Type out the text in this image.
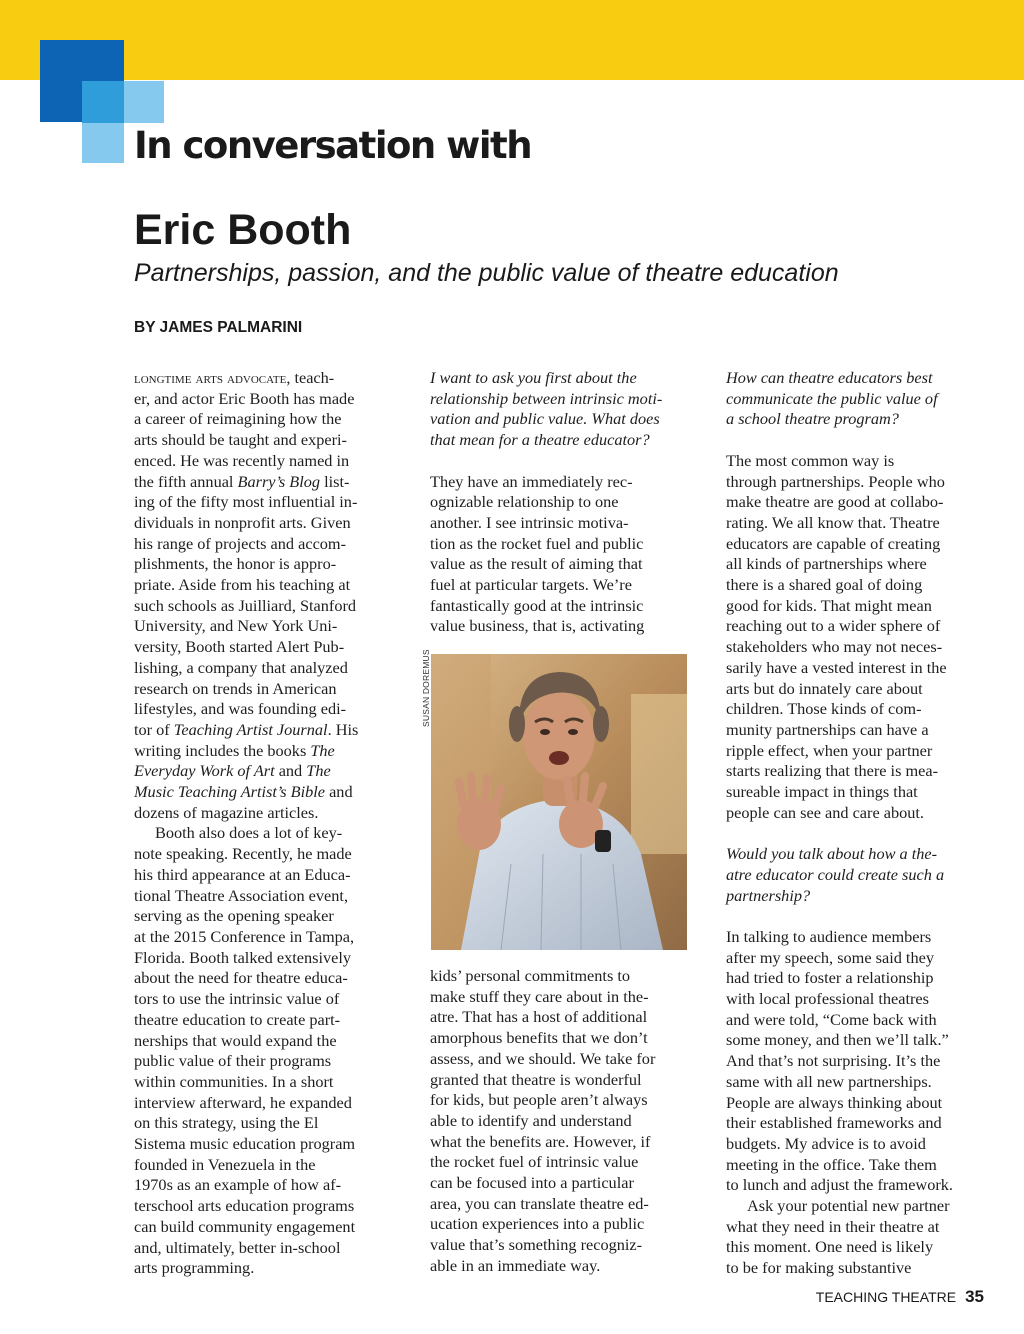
In conversation with
Eric Booth
Partnerships, passion, and the public value of theatre education
BY JAMES PALMARINI
longtime arts advocate, teach-
er, and actor Eric Booth has made
a career of reimagining how the
arts should be taught and experi-
enced. He was recently named in
the fifth annual Barry’s Blog list-
ing of the fifty most influential in-
dividuals in nonprofit arts. Given
his range of projects and accom-
plishments, the honor is appro-
priate. Aside from his teaching at
such schools as Juilliard, Stanford
University, and New York Uni-
versity, Booth started Alert Pub-
lishing, a company that analyzed
research on trends in American
lifestyles, and was founding edi-
tor of Teaching Artist Journal. His
writing includes the books The
Everyday Work of Art and The
Music Teaching Artist’s Bible and
dozens of magazine articles.
Booth also does a lot of key-
note speaking. Recently, he made
his third appearance at an Educa-
tional Theatre Association event,
serving as the opening speaker
at the 2015 Conference in Tampa,
Florida. Booth talked extensively
about the need for theatre educa-
tors to use the intrinsic value of
theatre education to create part-
nerships that would expand the
public value of their programs
within communities. In a short
interview afterward, he expanded
on this strategy, using the El
Sistema music education program
founded in Venezuela in the
1970s as an example of how af-
terschool arts education programs
can build community engagement
and, ultimately, better in-school
arts programming.
I want to ask you first about the
relationship between intrinsic moti-
vation and public value. What does
that mean for a theatre educator?
They have an immediately rec-
ognizable relationship to one
another. I see intrinsic motiva-
tion as the rocket fuel and public
value as the result of aiming that
fuel at particular targets. We’re
fantastically good at the intrinsic
value business, that is, activating
SUSAN DOREMUS
kids’ personal commitments to
make stuff they care about in the-
atre. That has a host of additional
amorphous benefits that we don’t
assess, and we should. We take for
granted that theatre is wonderful
for kids, but people aren’t always
able to identify and understand
what the benefits are. However, if
the rocket fuel of intrinsic value
can be focused into a particular
area, you can translate theatre ed-
ucation experiences into a public
value that’s something recogniz-
able in an immediate way.
How can theatre educators best
communicate the public value of
a school theatre program?
The most common way is
through partnerships. People who
make theatre are good at collabo-
rating. We all know that. Theatre
educators are capable of creating
all kinds of partnerships where
there is a shared goal of doing
good for kids. That might mean
reaching out to a wider sphere of
stakeholders who may not neces-
sarily have a vested interest in the
arts but do innately care about
children. Those kinds of com-
munity partnerships can have a
ripple effect, when your partner
starts realizing that there is mea-
sureable impact in things that
people can see and care about.
Would you talk about how a the-
atre educator could create such a
partnership?
In talking to audience members
after my speech, some said they
had tried to foster a relationship
with local professional theatres
and were told, “Come back with
some money, and then we’ll talk.”
And that’s not surprising. It’s the
same with all new partnerships.
People are always thinking about
their established frameworks and
budgets. My advice is to avoid
meeting in the office. Take them
to lunch and adjust the framework.
Ask your potential new partner
what they need in their theatre at
this moment. One need is likely
to be for making substantive
TEACHING THEATRE 35
